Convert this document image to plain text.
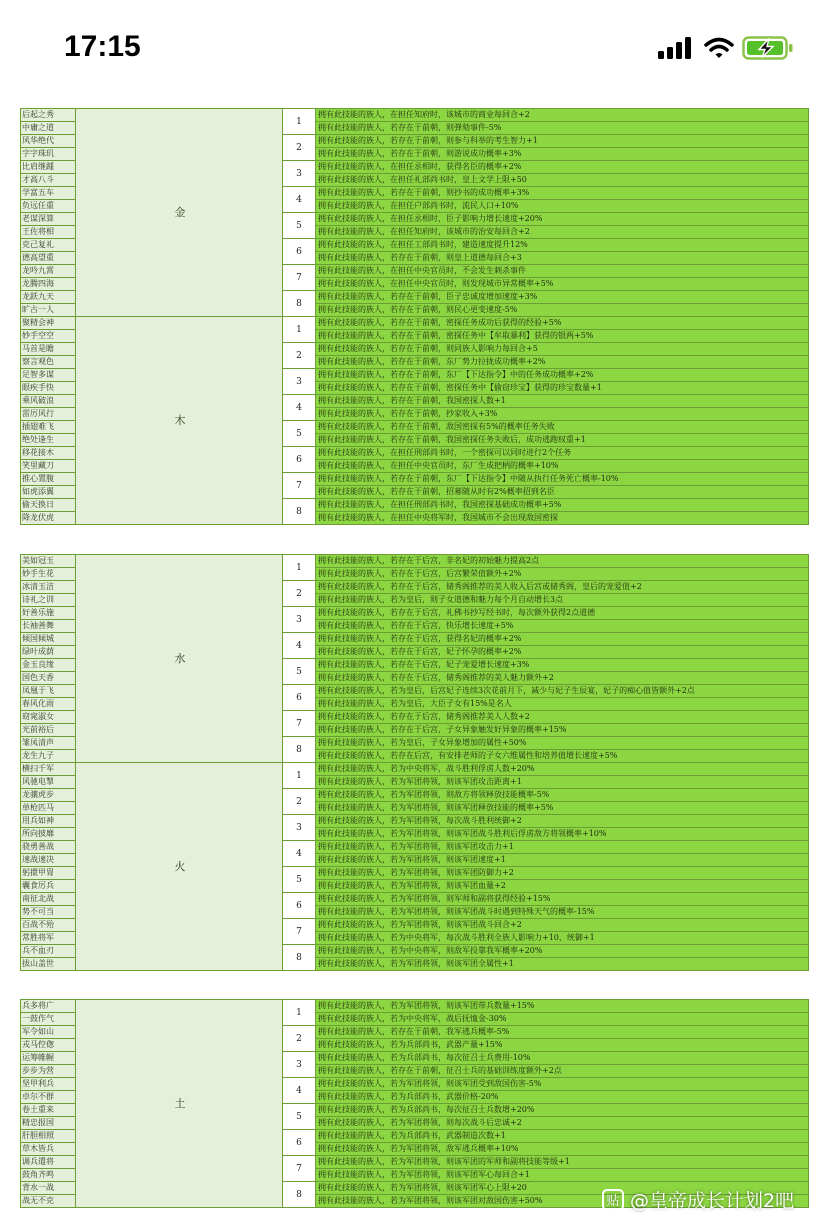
17:15
后起之秀	金	1	拥有此技能的族人，在担任知府时，该城市的商业每回合+2
中庸之道			拥有此技能的族人，若存在于前朝，则弹劾事件-5%
风华绝代		2	拥有此技能的族人，若存在于前朝，则参与科举的考生智力+1
字字珠玑			拥有此技能的族人，若存在于前朝，则游说成功概率+3%
比肩继踵		3	拥有此技能的族人，在担任丞相时，获得名臣的概率+2%
才高八斗			拥有此技能的族人，在担任礼部尚书时，皇上文学上限+50
学富五车		4	拥有此技能的族人，若存在于前朝，则抄书的成功概率+3%
负远任重			拥有此技能的族人，在担任户部尚书时，流民人口+10%
老谋深算		5	拥有此技能的族人，在担任丞相时，臣子影响力增长速度+20%
王佐将相			拥有此技能的族人，在担任知府时，该城市的治安每回合+2
克己复礼		6	拥有此技能的族人，在担任工部尚书时，建造速度提升12%
德高望重			拥有此技能的族人，若存在于前朝，则皇上道德每回合+3
龙吟九霄		7	拥有此技能的族人，在担任中央官员时，不会发生刺杀事件
龙腾四海			拥有此技能的族人，在担任中央官员时，则发现城市异常概率+5%
龙跃九天		8	拥有此技能的族人，若存在于前朝，臣子忠诚度增加速度+3%
旷古一人			拥有此技能的族人，若存在于前朝，则民心更变速度-5%
聚精会神	木	1	拥有此技能的族人，若存在于前朝，密探任务成功后获得的经验+5%
妙手空空			拥有此技能的族人，若存在于前朝，密探任务中【牟取暴利】获得的银两+5%
马首是瞻		2	拥有此技能的族人，若存在于前朝，则同族人影响力每回合+5
察言观色			拥有此技能的族人，若存在于前朝，东厂势力拉拢成功概率+2%
足智多谋		3	拥有此技能的族人，若存在于前朝，东厂【下达指令】中的任务成功概率+2%
眼疾手快			拥有此技能的族人，若存在于前朝，密探任务中【偷窃珍宝】获得的珍宝数量+1
乘风破浪		4	拥有此技能的族人，若存在于前朝，我国密探人数+1
雷厉风行			拥有此技能的族人，若存在于前朝，抄家收入+3%
插翅难飞		5	拥有此技能的族人，若存在于前朝，敌国密探有5%的概率任务失败
绝处逢生			拥有此技能的族人，若存在于前朝，我国密探任务失败后，成功逃跑权重+1
移花接木		6	拥有此技能的族人，在担任刑部尚书时，一个密探可以同时进行2个任务
笑里藏刀			拥有此技能的族人，在担任中央官员时，东厂生成把柄的概率+10%
推心置腹		7	拥有此技能的族人，若存在于前朝，东厂【下达指令】中随从执行任务死亡概率-10%
如虎添翼			拥有此技能的族人，若存在于前朝，招募随从时有2%概率招到名臣
偷天换日		8	拥有此技能的族人，在担任刑部尚书时，我国密探基础成功概率+5%
降龙伏虎			拥有此技能的族人，在担任中央将军时，我国城市不会出现敌国密探
美如冠玉	水	1	拥有此技能的族人，若存在于后宫，非名妃的初始魅力提高2点
妙手生花			拥有此技能的族人，若存在于后宫，后宫繁荣值额外+2%
冰清玉洁		2	拥有此技能的族人，若存在于后宫，储秀阁推荐的美人收入后宫或储秀阁，皇后的宠爱值+2
诗礼之训			拥有此技能的族人，若为皇后，则子女道德和魅力每个月自动增长3点
好善乐施		3	拥有此技能的族人，若存在于后宫，礼佛书抄写经书时，每次额外获得2点道德
长袖善舞			拥有此技能的族人，若存在于后宫，快乐增长速度+5%
倾国倾城		4	拥有此技能的族人，若存在于后宫，获得名妃的概率+2%
绿叶成荫			拥有此技能的族人，若存在于后宫，妃子怀孕的概率+2%
金玉良缘		5	拥有此技能的族人，若存在于后宫，妃子宠爱增长速度+3%
国色天香			拥有此技能的族人，若存在于后宫，储秀阁推荐的美人魅力额外+2
凤凰于飞		6	拥有此技能的族人，若为皇后，后宫妃子连续3次花前月下，减少与妃子生辰宴，妃子的痴心值皆额外+2点
春风化雨			拥有此技能的族人，若为皇后，大臣子女有15%是名人
窈窕淑女		7	拥有此技能的族人，若存在于后宫，储秀阁推荐美人人数+2
光前裕后			拥有此技能的族人，若存在于后宫，子女异象触发好异象的概率+15%
雏凤清声		8	拥有此技能的族人，若为皇后，子女异象增加的属性+50%
龙生九子			拥有此技能的族人，若存在后宫，有安排老师的子女六维属性和培养值增长速度+5%
横扫千军	火	1	拥有此技能的族人，若为中央将军，战斗胜利俘虏人数+20%
风驰电掣			拥有此技能的族人，若为军团将领，则该军团攻击距离+1
龙骧虎步		2	拥有此技能的族人，若为军团将领，则敌方将领释放技能概率-5%
单枪匹马			拥有此技能的族人，若为军团将领，则该军团释放技能的概率+5%
用兵如神		3	拥有此技能的族人，若为军团将领，每次战斗胜利统御+2
所向披靡			拥有此技能的族人，若为军团将领，则该军团战斗胜利后俘虏敌方将领概率+10%
骁勇善战		4	拥有此技能的族人，若为军团将领，则该军团攻击力+1
速战速决			拥有此技能的族人，若为军团将领，则该军团速度+1
躬擐甲胄		5	拥有此技能的族人，若为军团将领，则该军团防御力+2
囊食厉兵			拥有此技能的族人，若为军团将领，则该军团血量+2
南征北战		6	拥有此技能的族人，若为军团将领，则军师和副将获得经验+15%
势不可当			拥有此技能的族人，若为军团将领，则该军团战斗时遇到特殊天气的概率-15%
百战不殆		7	拥有此技能的族人，若为军团将领，则该军团战斗回合+2
常胜将军			拥有此技能的族人，若为中央将军，每次战斗胜利全族人影响力+10、统御+1
兵不血刃		8	拥有此技能的族人，若为中央将军，则敌军投靠我军概率+20%
拔山盖世			拥有此技能的族人，若为军团将领，则该军团全属性+1
兵多将广	土	1	拥有此技能的族人，若为军团将领，则该军团带兵数量+15%
一鼓作气			拥有此技能的族人，若为中央将军，战后抚恤金-30%
军令如山		2	拥有此技能的族人，若存在于前朝，我军逃兵概率-5%
戎马倥偬			拥有此技能的族人，若为兵部尚书，武器产量+15%
运筹帷幄		3	拥有此技能的族人，若为兵部尚书，每次征召士兵费用-10%
步步为营			拥有此技能的族人，若存在于前朝，征召士兵的基础训练度额外+2点
坚甲利兵		4	拥有此技能的族人，若为军团将领，则该军团受到敌国伤害-5%
卓尔不群			拥有此技能的族人，若为兵部尚书，武器价格-20%
卷土重来		5	拥有此技能的族人，若为兵部尚书，每次征召士兵数增+20%
精忠报国			拥有此技能的族人，若为军团将领，则每次战斗后忠诚+2
肝胆相照		6	拥有此技能的族人，若为兵部尚书，武器制造次数+1
草木皆兵			拥有此技能的族人，若为军团将领，敌军逃兵概率+10%
调兵遣将		7	拥有此技能的族人，若为军团将领，则该军团的军师和副将技能等级+1
鼓角齐鸣			拥有此技能的族人，若为军团将领，则该军团军心每回合+1
背水一战		8	拥有此技能的族人，若为军团将领，则该军团军心上限+20
战无不克			拥有此技能的族人，若为军团将领，则该军团对敌国伤害+50%	贴 @皇帝成长计划2吧
